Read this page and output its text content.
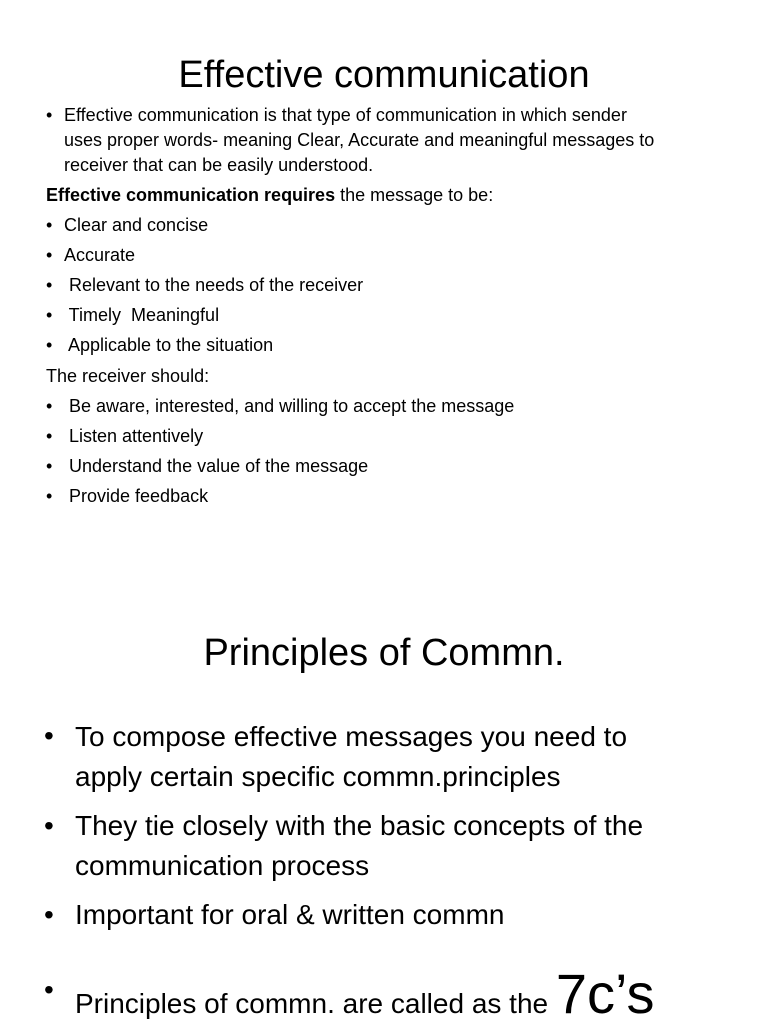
Effective communication
• Effective communication is that type of communication in which sender
uses proper words- meaning Clear, Accurate and meaningful messages to
receiver that can be easily understood.
Effective communication requires the message to be:
• Clear and concise
• Accurate
• Relevant to the needs of the receiver
• Timely  Meaningful
• Applicable to the situation
The receiver should:
• Be aware, interested, and willing to accept the message
• Listen attentively
• Understand the value of the message
• Provide feedback
Principles of Commn.
• To compose effective messages you need to
apply certain specific commn.principles
• They tie closely with the basic concepts of the
communication process
• Important for oral & written commn
• Principles of commn. are called as the 7c’s
